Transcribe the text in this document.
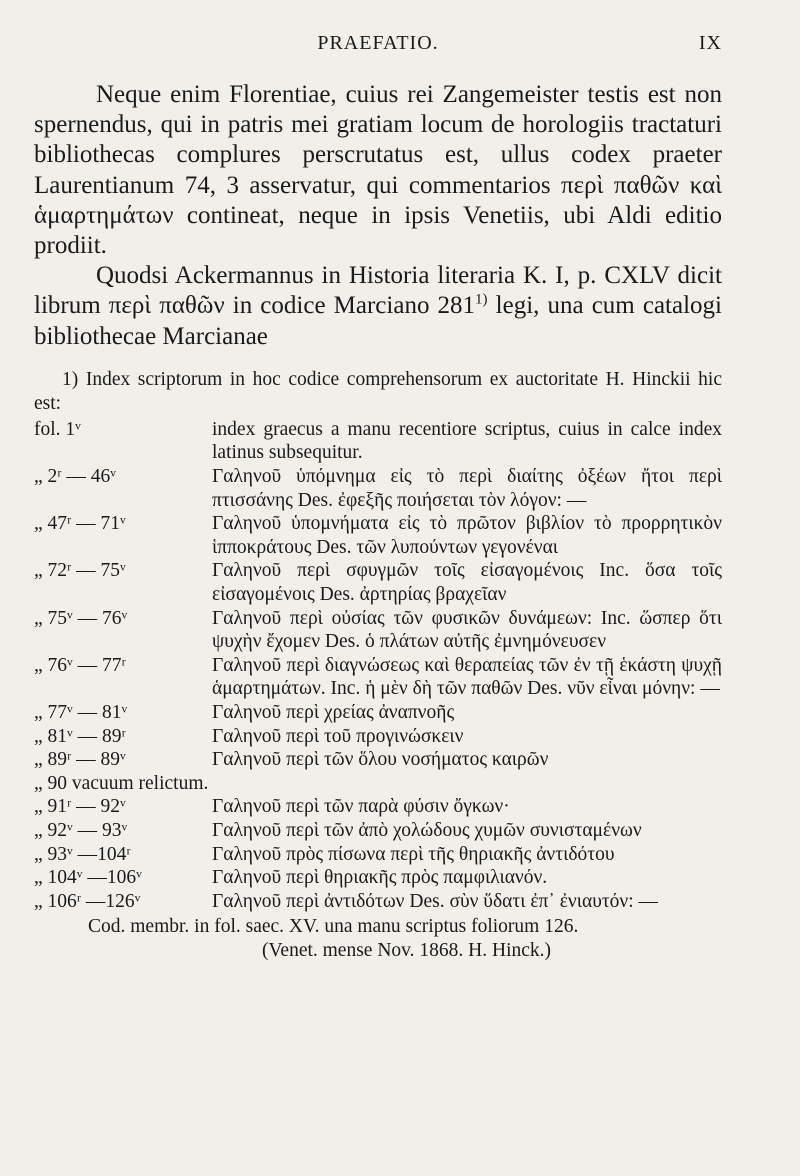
PRAEFATIO.	IX

Neque enim Florentiae, cuius rei Zangemeister testis est non spernendus, qui in patris mei gratiam locum de horologiis tractaturi bibliothecas complures perscrutatus est, ullus codex praeter Laurentianum 74, 3 asservatur, qui commentarios περὶ παθῶν καὶ ἁμαρτημάτων contineat, neque in ipsis Venetiis, ubi Aldi editio prodiit.

Quodsi Ackermannus in Historia literaria K. I, p. CXLV dicit librum περὶ παθῶν in codice Marciano 281$^{1)}$ legi, una cum catalogi bibliothecae Marcianae

1) Index scriptorum in hoc codice comprehensorum ex auctoritate H. Hinckii hic est:
fol. 1ᵛ	index graecus a manu recentiore scriptus, cuius in calce index latinus subsequitur.
„ 2ʳ — 46ᵛ	Γαληνοῦ ὑπόμνημα εἰς τὸ περὶ διαίτης ὀξέων ἤτοι περὶ πτισσάνης Des. ἐφεξῆς ποιήσεται τὸν λόγον: —
„ 47ʳ — 71ᵛ	Γαληνοῦ ὑπομνήματα εἰς τὸ πρῶτον βιβλίον τὸ προρρητικὸν ἱπποκράτους Des. τῶν λυπούντων γεγονέναι
„ 72ʳ — 75ᵛ	Γαληνοῦ περὶ σφυγμῶν τοῖς εἰσαγομένοις Inc. ὅσα τοῖς εἰσαγομένοις Des. ἀρτηρίας βραχεῖαν
„ 75ᵛ — 76ᵛ	Γαληνοῦ περὶ οὐσίας τῶν φυσικῶν δυνάμεων: Inc. ὥσπερ ὅτι ψυχὴν ἔχομεν Des. ὁ πλάτων αὐτῆς ἐμνημόνευσεν
„ 76ᵛ — 77ʳ	Γαληνοῦ περὶ διαγνώσεως καὶ θεραπείας τῶν ἐν τῇ ἑκάστη ψυχῇ ἁμαρτημάτων. Inc. ἡ μὲν δὴ τῶν παθῶν Des. νῦν εἶναι μόνην: —
„ 77ᵛ — 81ᵛ	Γαληνοῦ περὶ χρείας ἀναπνοῆς
„ 81ᵛ — 89ʳ	Γαληνοῦ περὶ τοῦ προγινώσκειν
„ 89ʳ — 89ᵛ	Γαληνοῦ περὶ τῶν ὅλου νοσήματος καιρῶν
„ 90 vacuum relictum.
„ 91ʳ — 92ᵛ	Γαληνοῦ περὶ τῶν παρὰ φύσιν ὄγκων·
„ 92ᵛ — 93ᵛ	Γαληνοῦ περὶ τῶν ἀπὸ χολώδους χυμῶν συνισταμένων
„ 93ᵛ —104ʳ	Γαληνοῦ πρὸς πίσωνα περὶ τῆς θηριακῆς ἀντιδότου
„ 104ᵛ —106ᵛ	Γαληνοῦ περὶ θηριακῆς πρὸς παμφιλιανόν.
„ 106ʳ —126ᵛ	Γαληνοῦ περὶ ἀντιδότων Des. σὺν ὕδατι ἐπ᾽ ἐνιαυτόν: —
Cod. membr. in fol. saec. XV. una manu scriptus foliorum 126.
(Venet. mense Nov. 1868. H. Hinck.)
